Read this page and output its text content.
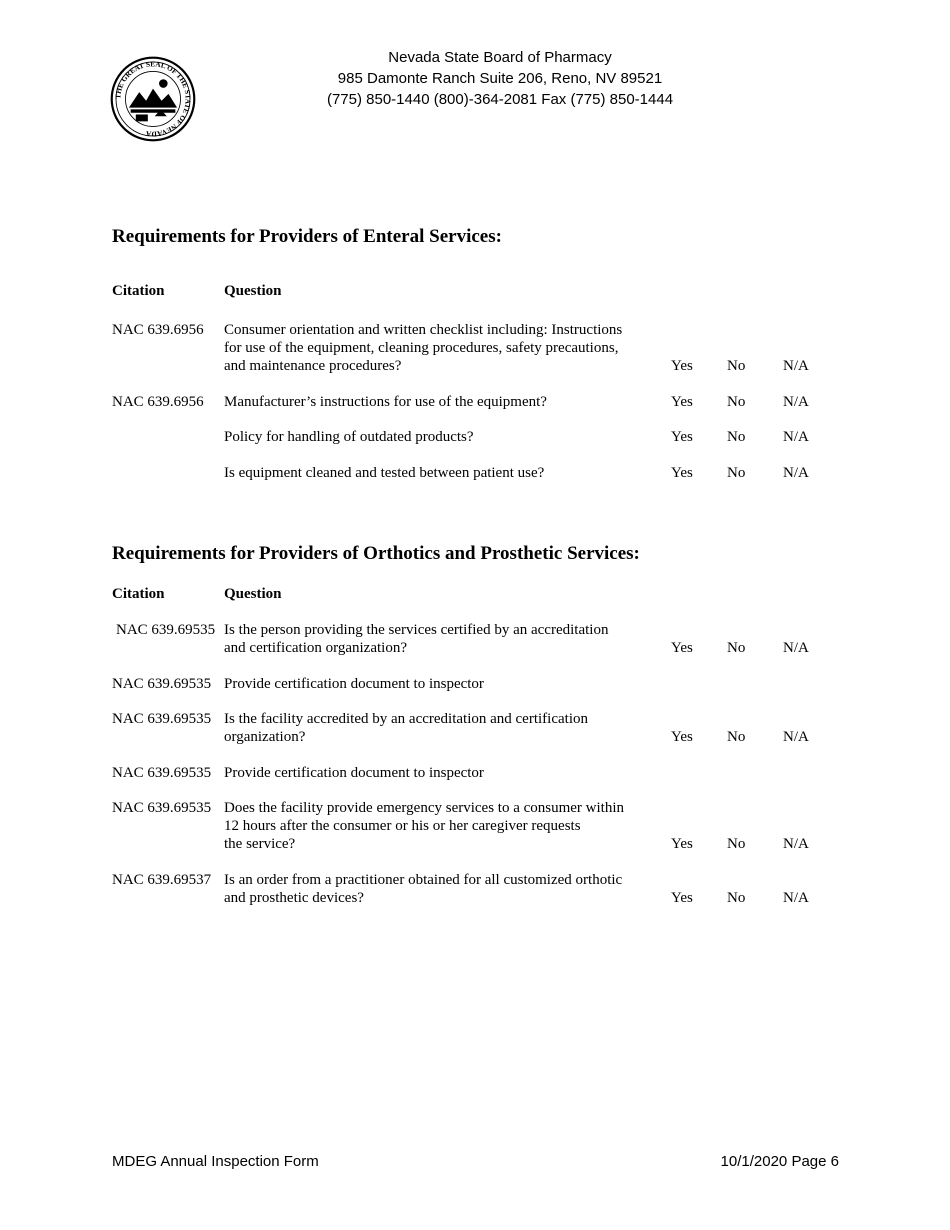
THE GREAT SEAL OF THE STATE OF NEVADA
Nevada State Board of Pharmacy
985 Damonte Ranch Suite 206, Reno, NV 89521
(775) 850-1440 (800)-364-2081 Fax (775) 850-1444
Requirements for Providers of Enteral Services:
Citation	Question
NAC 639.6956 Consumer orientation and written checklist including: Instructions
for use of the equipment, cleaning procedures, safety precautions,
and maintenance procedures?	Yes No	N/A
NAC 639.6956 Manufacturer’s instructions for use of the equipment?	Yes No	N/A
Policy for handling of outdated products?	Yes No	N/A
Is equipment cleaned and tested between patient use?	Yes No	N/A
Requirements for Providers of Orthotics and Prosthetic Services:
Citation	Question
NAC 639.69535 Is the person providing the services certified by an accreditation
and certification organization?	Yes No	N/A
NAC 639.69535 Provide certification document to inspector
NAC 639.69535 Is the facility accredited by an accreditation and certification
organization?	Yes No	N/A
NAC 639.69535 Provide certification document to inspector
NAC 639.69535 Does the facility provide emergency services to a consumer within
12 hours after the consumer or his or her caregiver requests
the service?	Yes No	N/A
NAC 639.69537 Is an order from a practitioner obtained for all customized orthotic
and prosthetic devices?	Yes No	N/A
MDEG Annual Inspection Form	10/1/2020 Page 6
